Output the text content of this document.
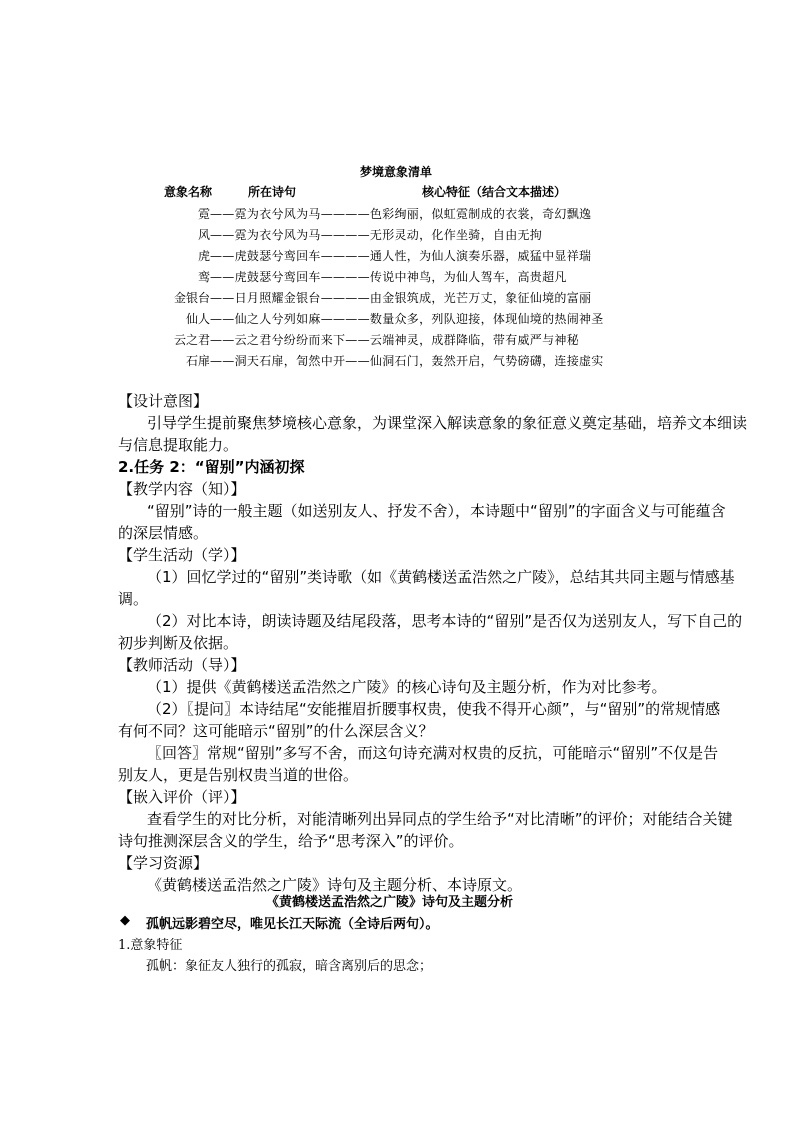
梦境意象清单
意象名称	所在诗句	核心特征（结合文本描述）
霓 ——霓为衣兮风为马————色彩绚丽，似虹霓制成的衣裳，奇幻飘逸
风 ——霓为衣兮风为马————无形灵动，化作坐骑，自由无拘
虎 ——虎鼓瑟兮鸾回车————通人性，为仙人演奏乐器，威猛中显祥瑞
鸾 ——虎鼓瑟兮鸾回车————传说中神鸟，为仙人驾车，高贵超凡
金银台 ——日月照耀金银台————由金银筑成，光芒万丈，象征仙境的富丽
仙人 ——仙之人兮列如麻————数量众多，列队迎接，体现仙境的热闹神圣
云之君 ——云之君兮纷纷而来下——云端神灵，成群降临，带有威严与神秘
石扉 ——洞天石扉，訇然中开——仙洞石门，轰然开启，气势磅礴，连接虚实
【设计意图】
引导学生提前聚焦梦境核心意象，为课堂深入解读意象的象征意义奠定基础，培养文本细读
与信息提取能力。
2.任务 2：“留别”内涵初探
【教学内容（知）】
“留别”诗的一般主题（如送别友人、抒发不舍），本诗题中“留别”的字面含义与可能蕴含
的深层情感。
【学生活动（学）】
（1）回忆学过的“留别”类诗歌（如《黄鹤楼送孟浩然之广陵》，总结其共同主题与情感基
调。
（2）对比本诗，朗读诗题及结尾段落，思考本诗的“留别”是否仅为送别友人，写下自己的
初步判断及依据。
【教师活动（导）】
（1）提供《黄鹤楼送孟浩然之广陵》的核心诗句及主题分析，作为对比参考。
（2）〖提问〗本诗结尾“安能摧眉折腰事权贵，使我不得开心颜”，与“留别”的常规情感
有何不同？这可能暗示“留别”的什么深层含义？
〖回答〗常规“留别”多写不舍，而这句诗充满对权贵的反抗，可能暗示“留别”不仅是告
别友人，更是告别权贵当道的世俗。
【嵌入评价（评）】
查看学生的对比分析，对能清晰列出异同点的学生给予“对比清晰”的评价；对能结合关键
诗句推测深层含义的学生，给予“思考深入”的评价。
【学习资源】
《黄鹤楼送孟浩然之广陵》诗句及主题分析、本诗原文。
《黄鹤楼送孟浩然之广陵》诗句及主题分析
◆ 孤帆远影碧空尽，唯见长江天际流（全诗后两句）。
1.意象特征
孤帆：象征友人独行的孤寂，暗含离别后的思念；
